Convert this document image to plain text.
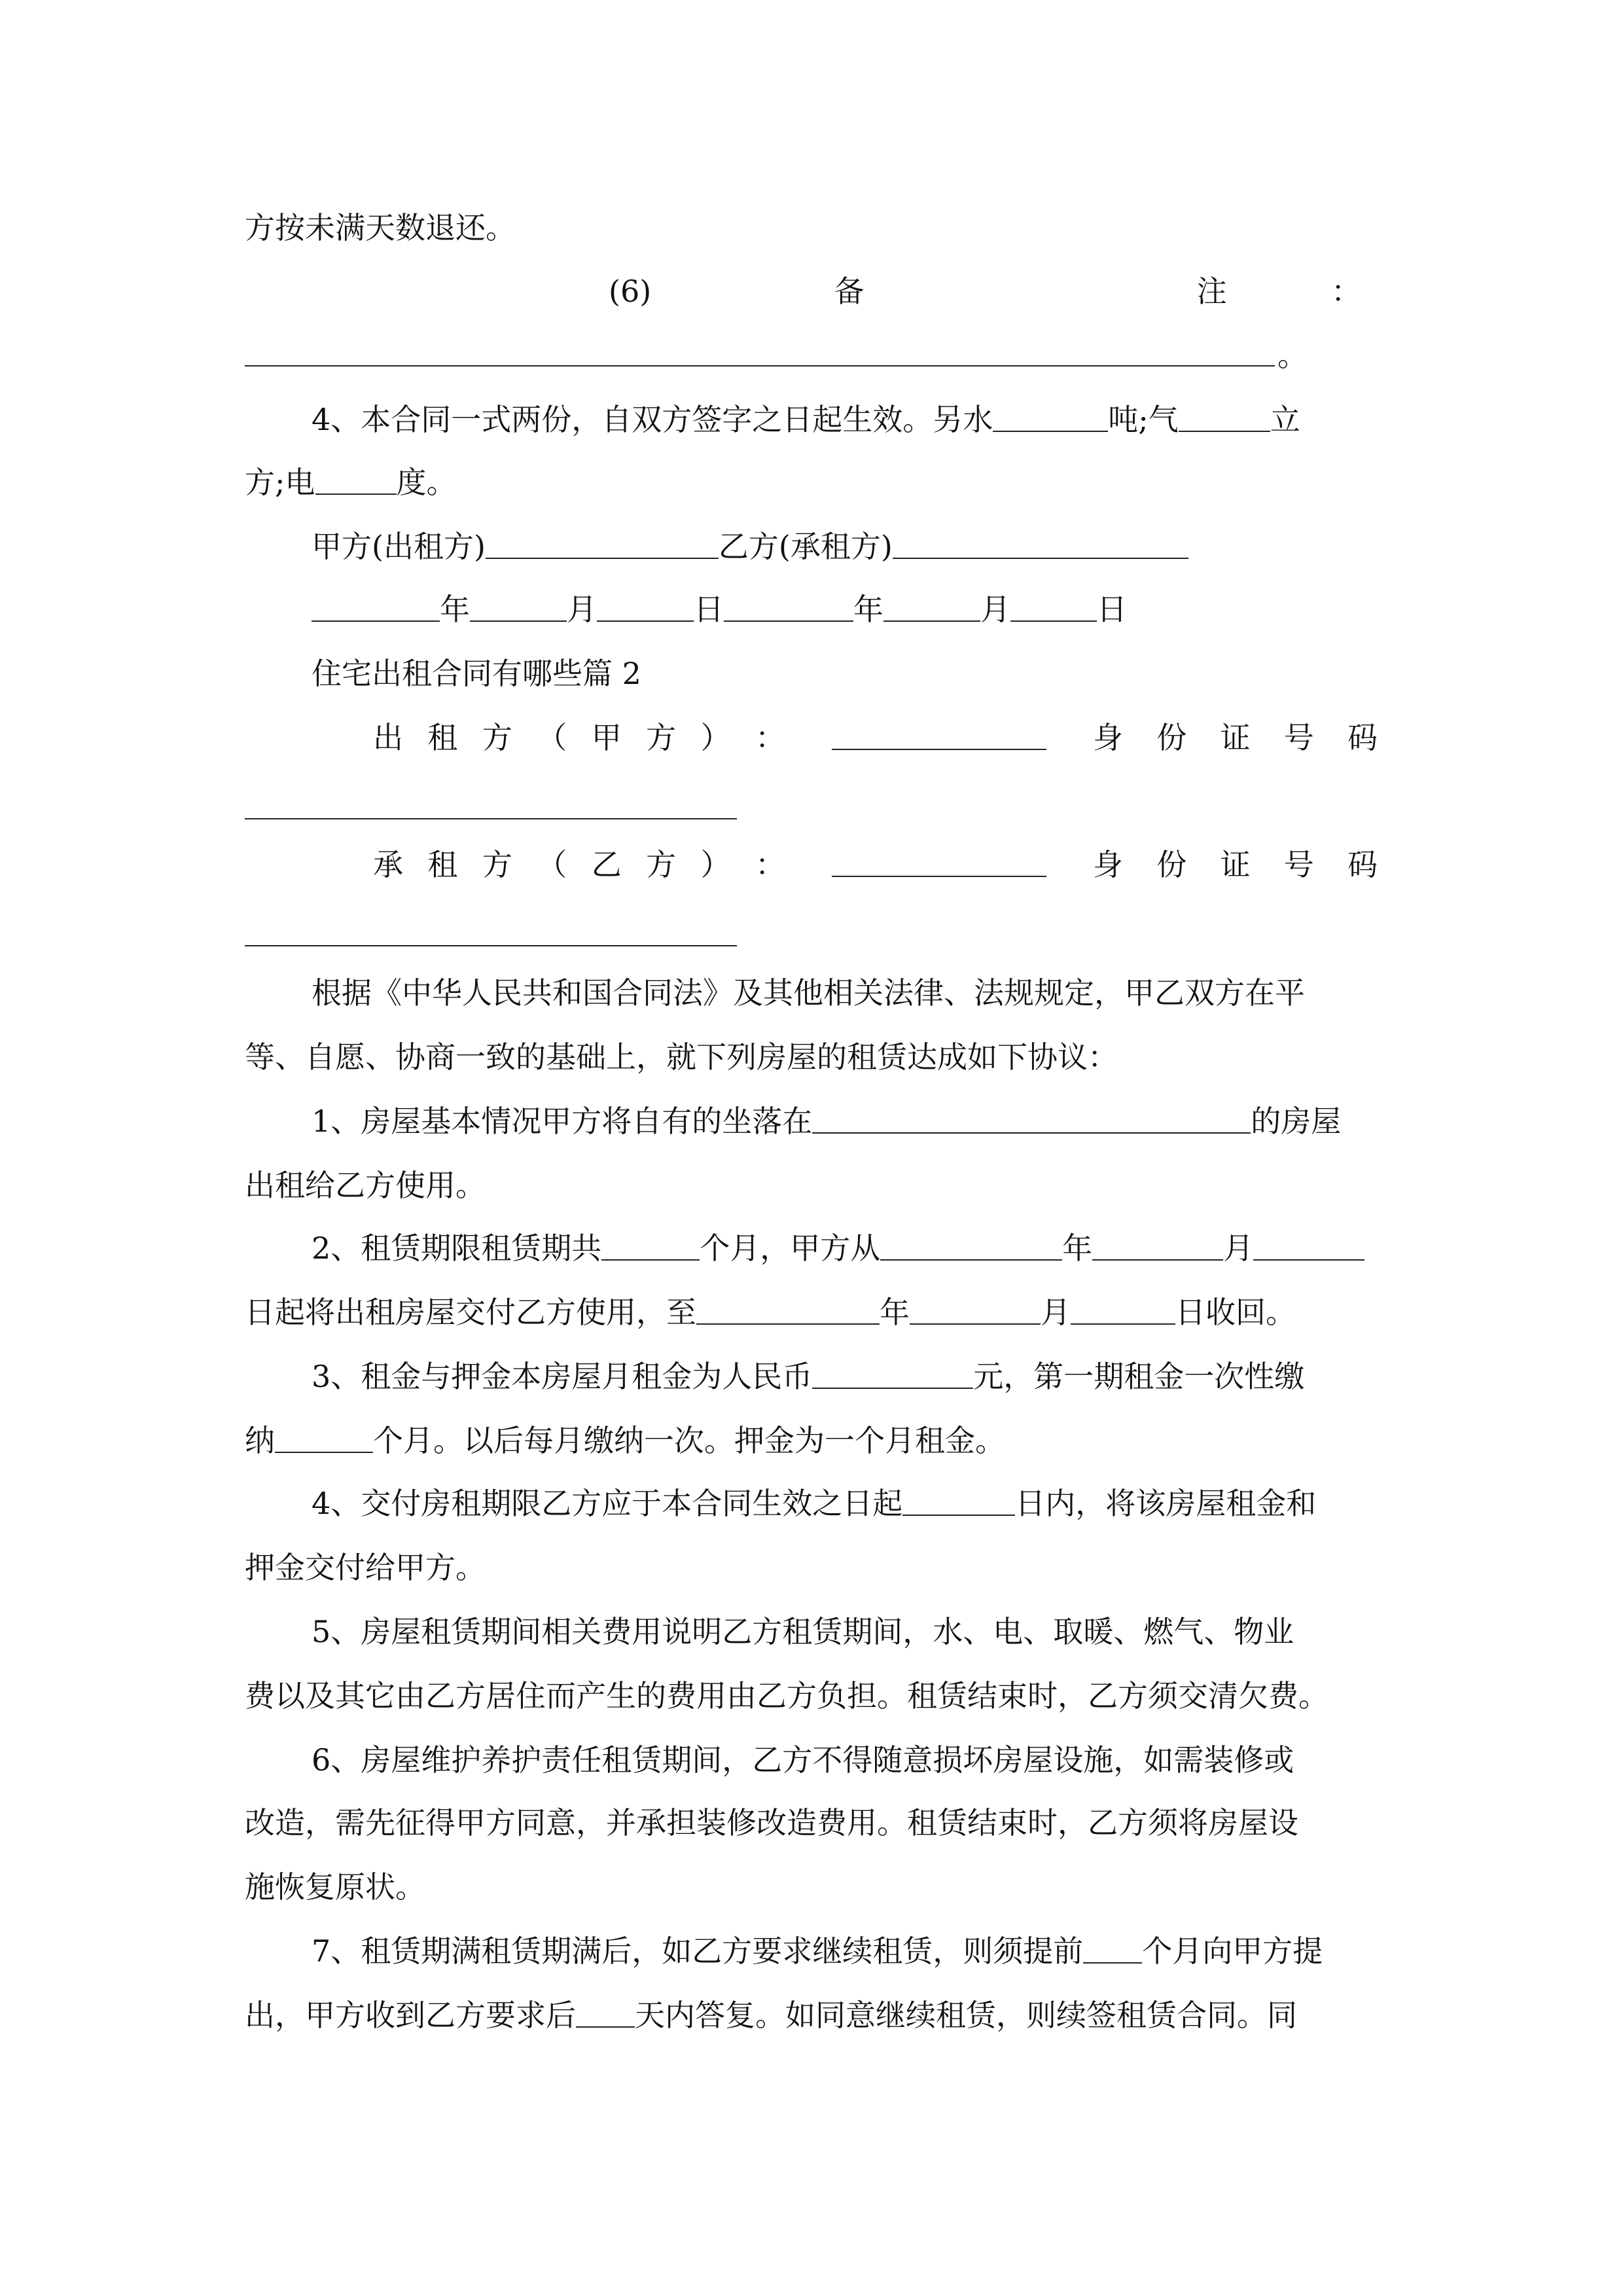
方按未满天数退还。
(6)	备	注	：
。
4、本合同一式两份，自双方签字之日起生效。另水	吨;气	立
方;电	度。
甲方(出租方)	乙方(承租方)
年	月	日	年	月	日
住宅出租合同有哪些篇 2
出 租 方 （ 甲 方 ） ：	身 份 证 号 码
承 租 方 （ 乙 方 ） ：	身 份 证 号 码
根据《中华人民共和国合同法》及其他相关法律、法规规定，甲乙双方在平
等、自愿、协商一致的基础上，就下列房屋的租赁达成如下协议：
1、房屋基本情况甲方将自有的坐落在	的房屋
出租给乙方使用。
2、租赁期限租赁期共	个月，甲方从	年	月
日起将出租房屋交付乙方使用，至	年	月	日收回。
3、租金与押金本房屋月租金为人民币	元，第一期租金一次性缴
纳	个月。以后每月缴纳一次。押金为一个月租金。
4、交付房租期限乙方应于本合同生效之日起	日内，将该房屋租金和
押金交付给甲方。
5、房屋租赁期间相关费用说明乙方租赁期间，水、电、取暖、燃气、物业
费以及其它由乙方居住而产生的费用由乙方负担。租赁结束时，乙方须交清欠费。
6、房屋维护养护责任租赁期间，乙方不得随意损坏房屋设施，如需装修或
改造，需先征得甲方同意，并承担装修改造费用。租赁结束时，乙方须将房屋设
施恢复原状。
7、租赁期满租赁期满后，如乙方要求继续租赁，则须提前 个月向甲方提
出，甲方收到乙方要求后 天内答复。如同意继续租赁，则续签租赁合同。同
